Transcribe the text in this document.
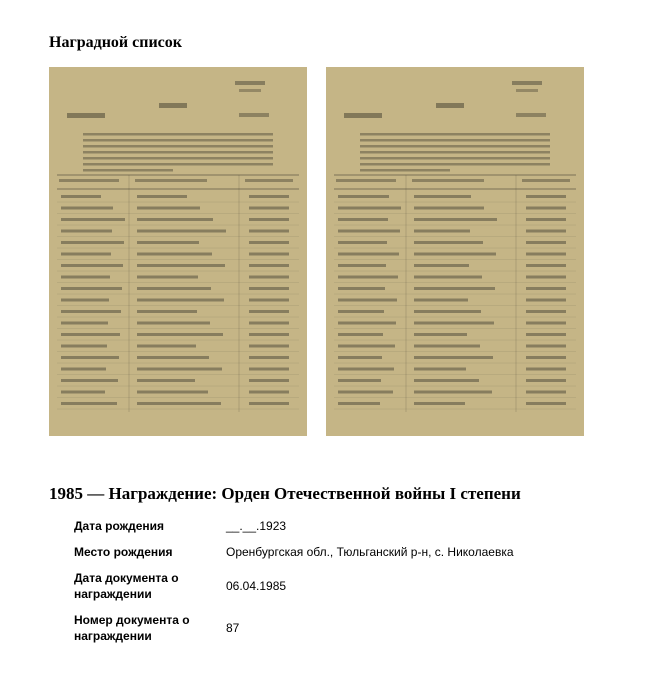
Наградной список
1985 — Награждение: Орден Отечественной войны I степени
Дата рождения	__.__.1923
Место рождения	Оренбургская обл., Тюльганский р-н, с. Николаевка
Дата документа о награждении	06.04.1985
Номер документа о награждении	87
